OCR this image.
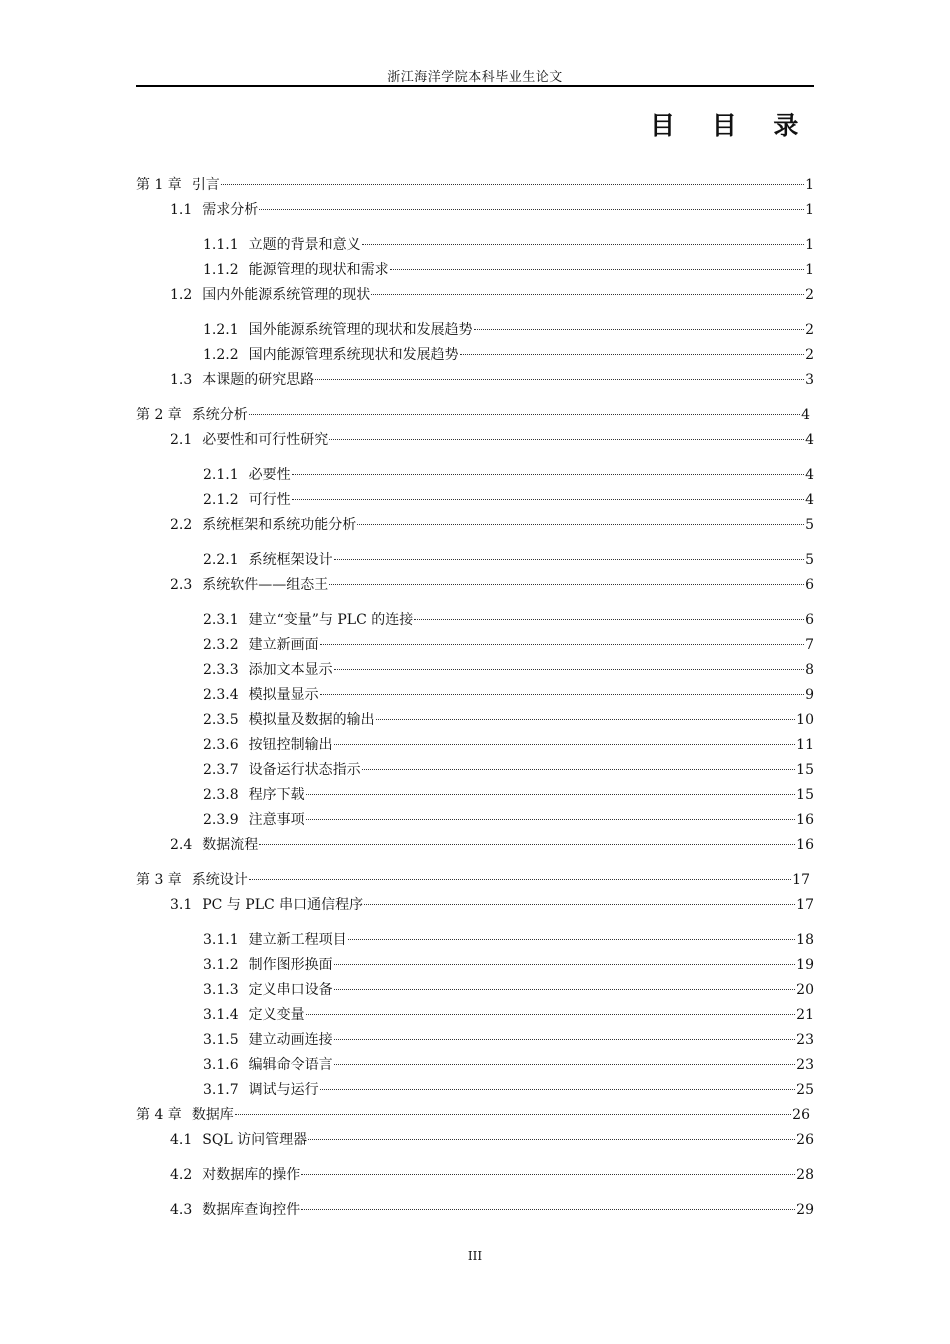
浙江海洋学院本科毕业生论文
目 目 录
第 1 章 引言	1
1.1 需求分析	1
1.1.1 立题的背景和意义	1
1.1.2 能源管理的现状和需求	1
1.2 国内外能源系统管理的现状	2
1.2.1 国外能源系统管理的现状和发展趋势	2
1.2.2 国内能源管理系统现状和发展趋势	2
1.3 本课题的研究思路	3
第 2 章 系统分析	4
2.1 必要性和可行性研究	4
2.1.1 必要性	4
2.1.2 可行性	4
2.2 系统框架和系统功能分析	5
2.2.1 系统框架设计	5
2.3 系统软件——组态王	6
2.3.1 建立“变量”与 PLC 的连接	6
2.3.2 建立新画面	7
2.3.3 添加文本显示	8
2.3.4 模拟量显示	9
2.3.5 模拟量及数据的输出	10
2.3.6 按钮控制输出	11
2.3.7 设备运行状态指示	15
2.3.8 程序下载	15
2.3.9 注意事项	16
2.4 数据流程	16
第 3 章 系统设计	17
3.1 PC 与 PLC 串口通信程序	17
3.1.1 建立新工程项目	18
3.1.2 制作图形换面	19
3.1.3 定义串口设备	20
3.1.4 定义变量	21
3.1.5 建立动画连接	23
3.1.6 编辑命令语言	23
3.1.7 调试与运行	25
第 4 章 数据库	26
4.1 SQL 访问管理器	26
4.2 对数据库的操作	28
4.3 数据库查询控件	29
III
